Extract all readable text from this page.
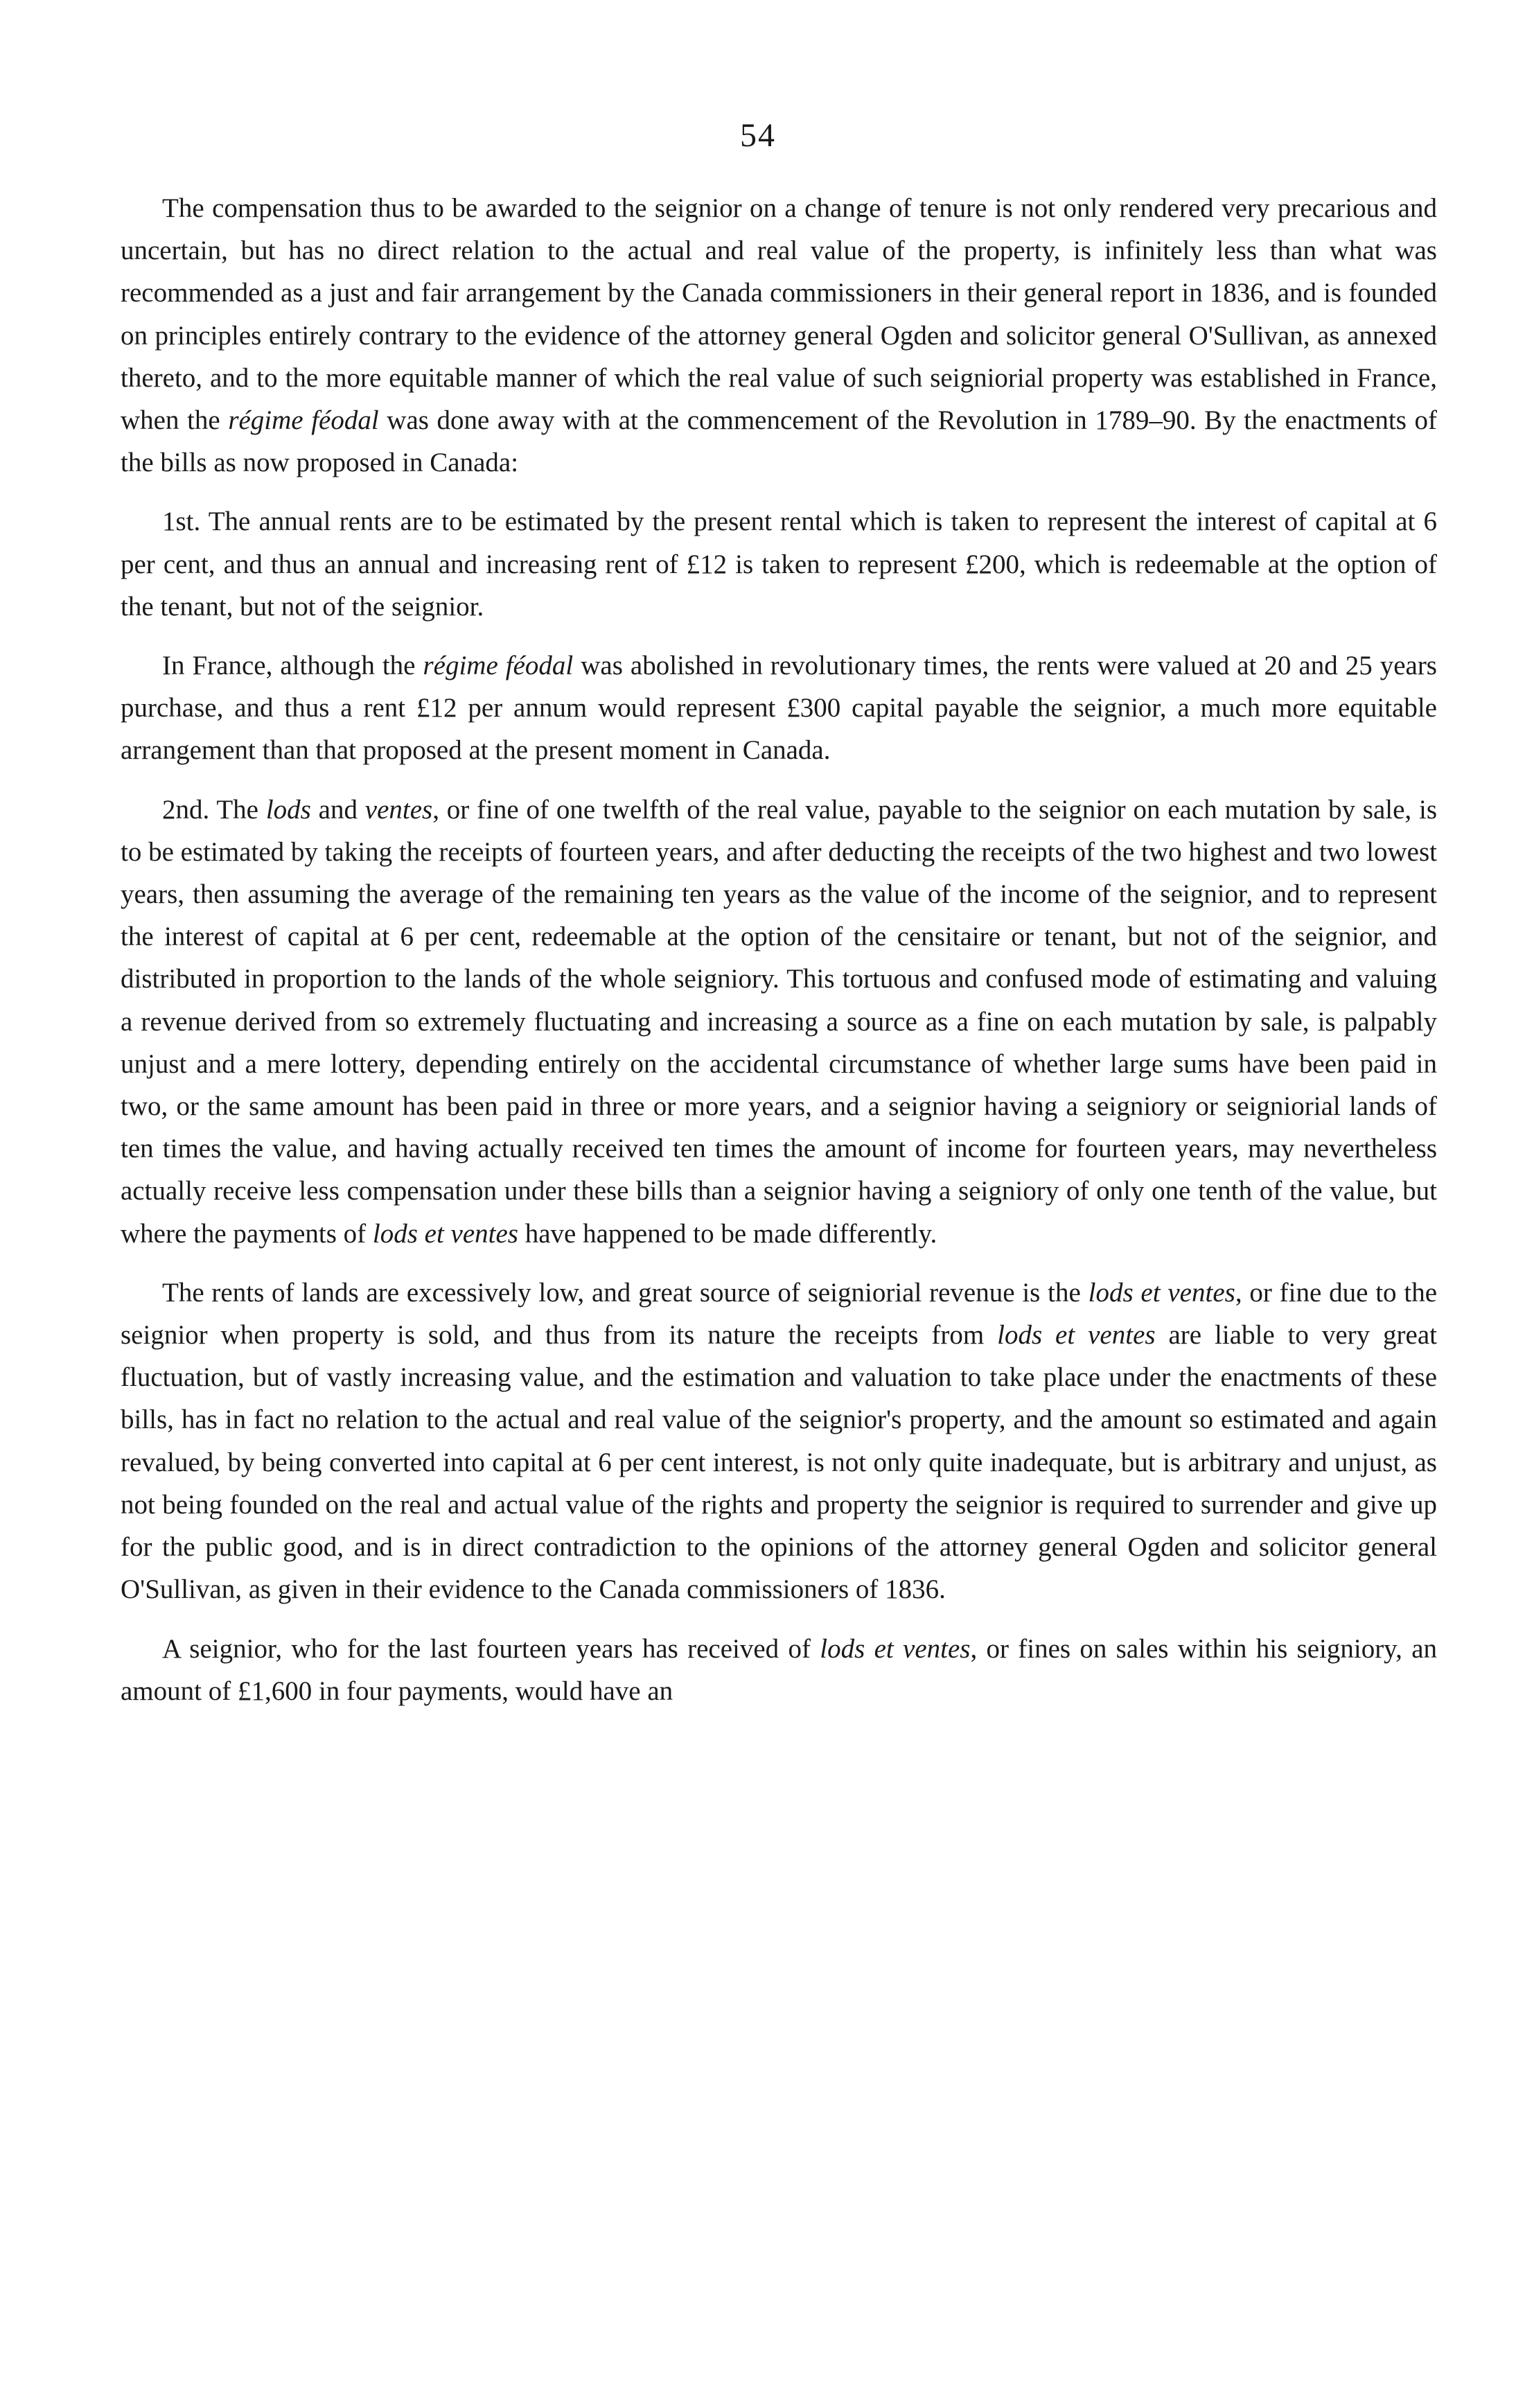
54

The compensation thus to be awarded to the seignior on a change of tenure is not only rendered very precarious and uncertain, but has no direct relation to the actual and real value of the property, is infinitely less than what was recommended as a just and fair arrangement by the Canada commissioners in their general report in 1836, and is founded on principles entirely contrary to the evidence of the attorney general Ogden and solicitor general O'Sullivan, as annexed thereto, and to the more equitable manner of which the real value of such seigniorial property was established in France, when the régime féodal was done away with at the commencement of the Revolution in 1789–90. By the enactments of the bills as now proposed in Canada:

1st. The annual rents are to be estimated by the present rental which is taken to represent the interest of capital at 6 per cent, and thus an annual and increasing rent of £12 is taken to represent £200, which is redeemable at the option of the tenant, but not of the seignior.

In France, although the régime féodal was abolished in revolutionary times, the rents were valued at 20 and 25 years purchase, and thus a rent £12 per annum would represent £300 capital payable the seignior, a much more equitable arrangement than that proposed at the present moment in Canada.

2nd. The lods and ventes, or fine of one twelfth of the real value, payable to the seignior on each mutation by sale, is to be estimated by taking the receipts of fourteen years, and after deducting the receipts of the two highest and two lowest years, then assuming the average of the remaining ten years as the value of the income of the seignior, and to represent the interest of capital at 6 per cent, redeemable at the option of the censitaire or tenant, but not of the seignior, and distributed in proportion to the lands of the whole seigniory. This tortuous and confused mode of estimating and valuing a revenue derived from so extremely fluctuating and increasing a source as a fine on each mutation by sale, is palpably unjust and a mere lottery, depending entirely on the accidental circumstance of whether large sums have been paid in two, or the same amount has been paid in three or more years, and a seignior having a seigniory or seigniorial lands of ten times the value, and having actually received ten times the amount of income for fourteen years, may nevertheless actually receive less compensation under these bills than a seignior having a seigniory of only one tenth of the value, but where the payments of lods et ventes have happened to be made differently.

The rents of lands are excessively low, and great source of seigniorial revenue is the lods et ventes, or fine due to the seignior when property is sold, and thus from its nature the receipts from lods et ventes are liable to very great fluctuation, but of vastly increasing value, and the estimation and valuation to take place under the enactments of these bills, has in fact no relation to the actual and real value of the seignior's property, and the amount so estimated and again revalued, by being converted into capital at 6 per cent interest, is not only quite inadequate, but is arbitrary and unjust, as not being founded on the real and actual value of the rights and property the seignior is required to surrender and give up for the public good, and is in direct contradiction to the opinions of the attorney general Ogden and solicitor general O'Sullivan, as given in their evidence to the Canada commissioners of 1836.

A seignior, who for the last fourteen years has received of lods et ventes, or fines on sales within his seigniory, an amount of £1,600 in four payments, would have an
